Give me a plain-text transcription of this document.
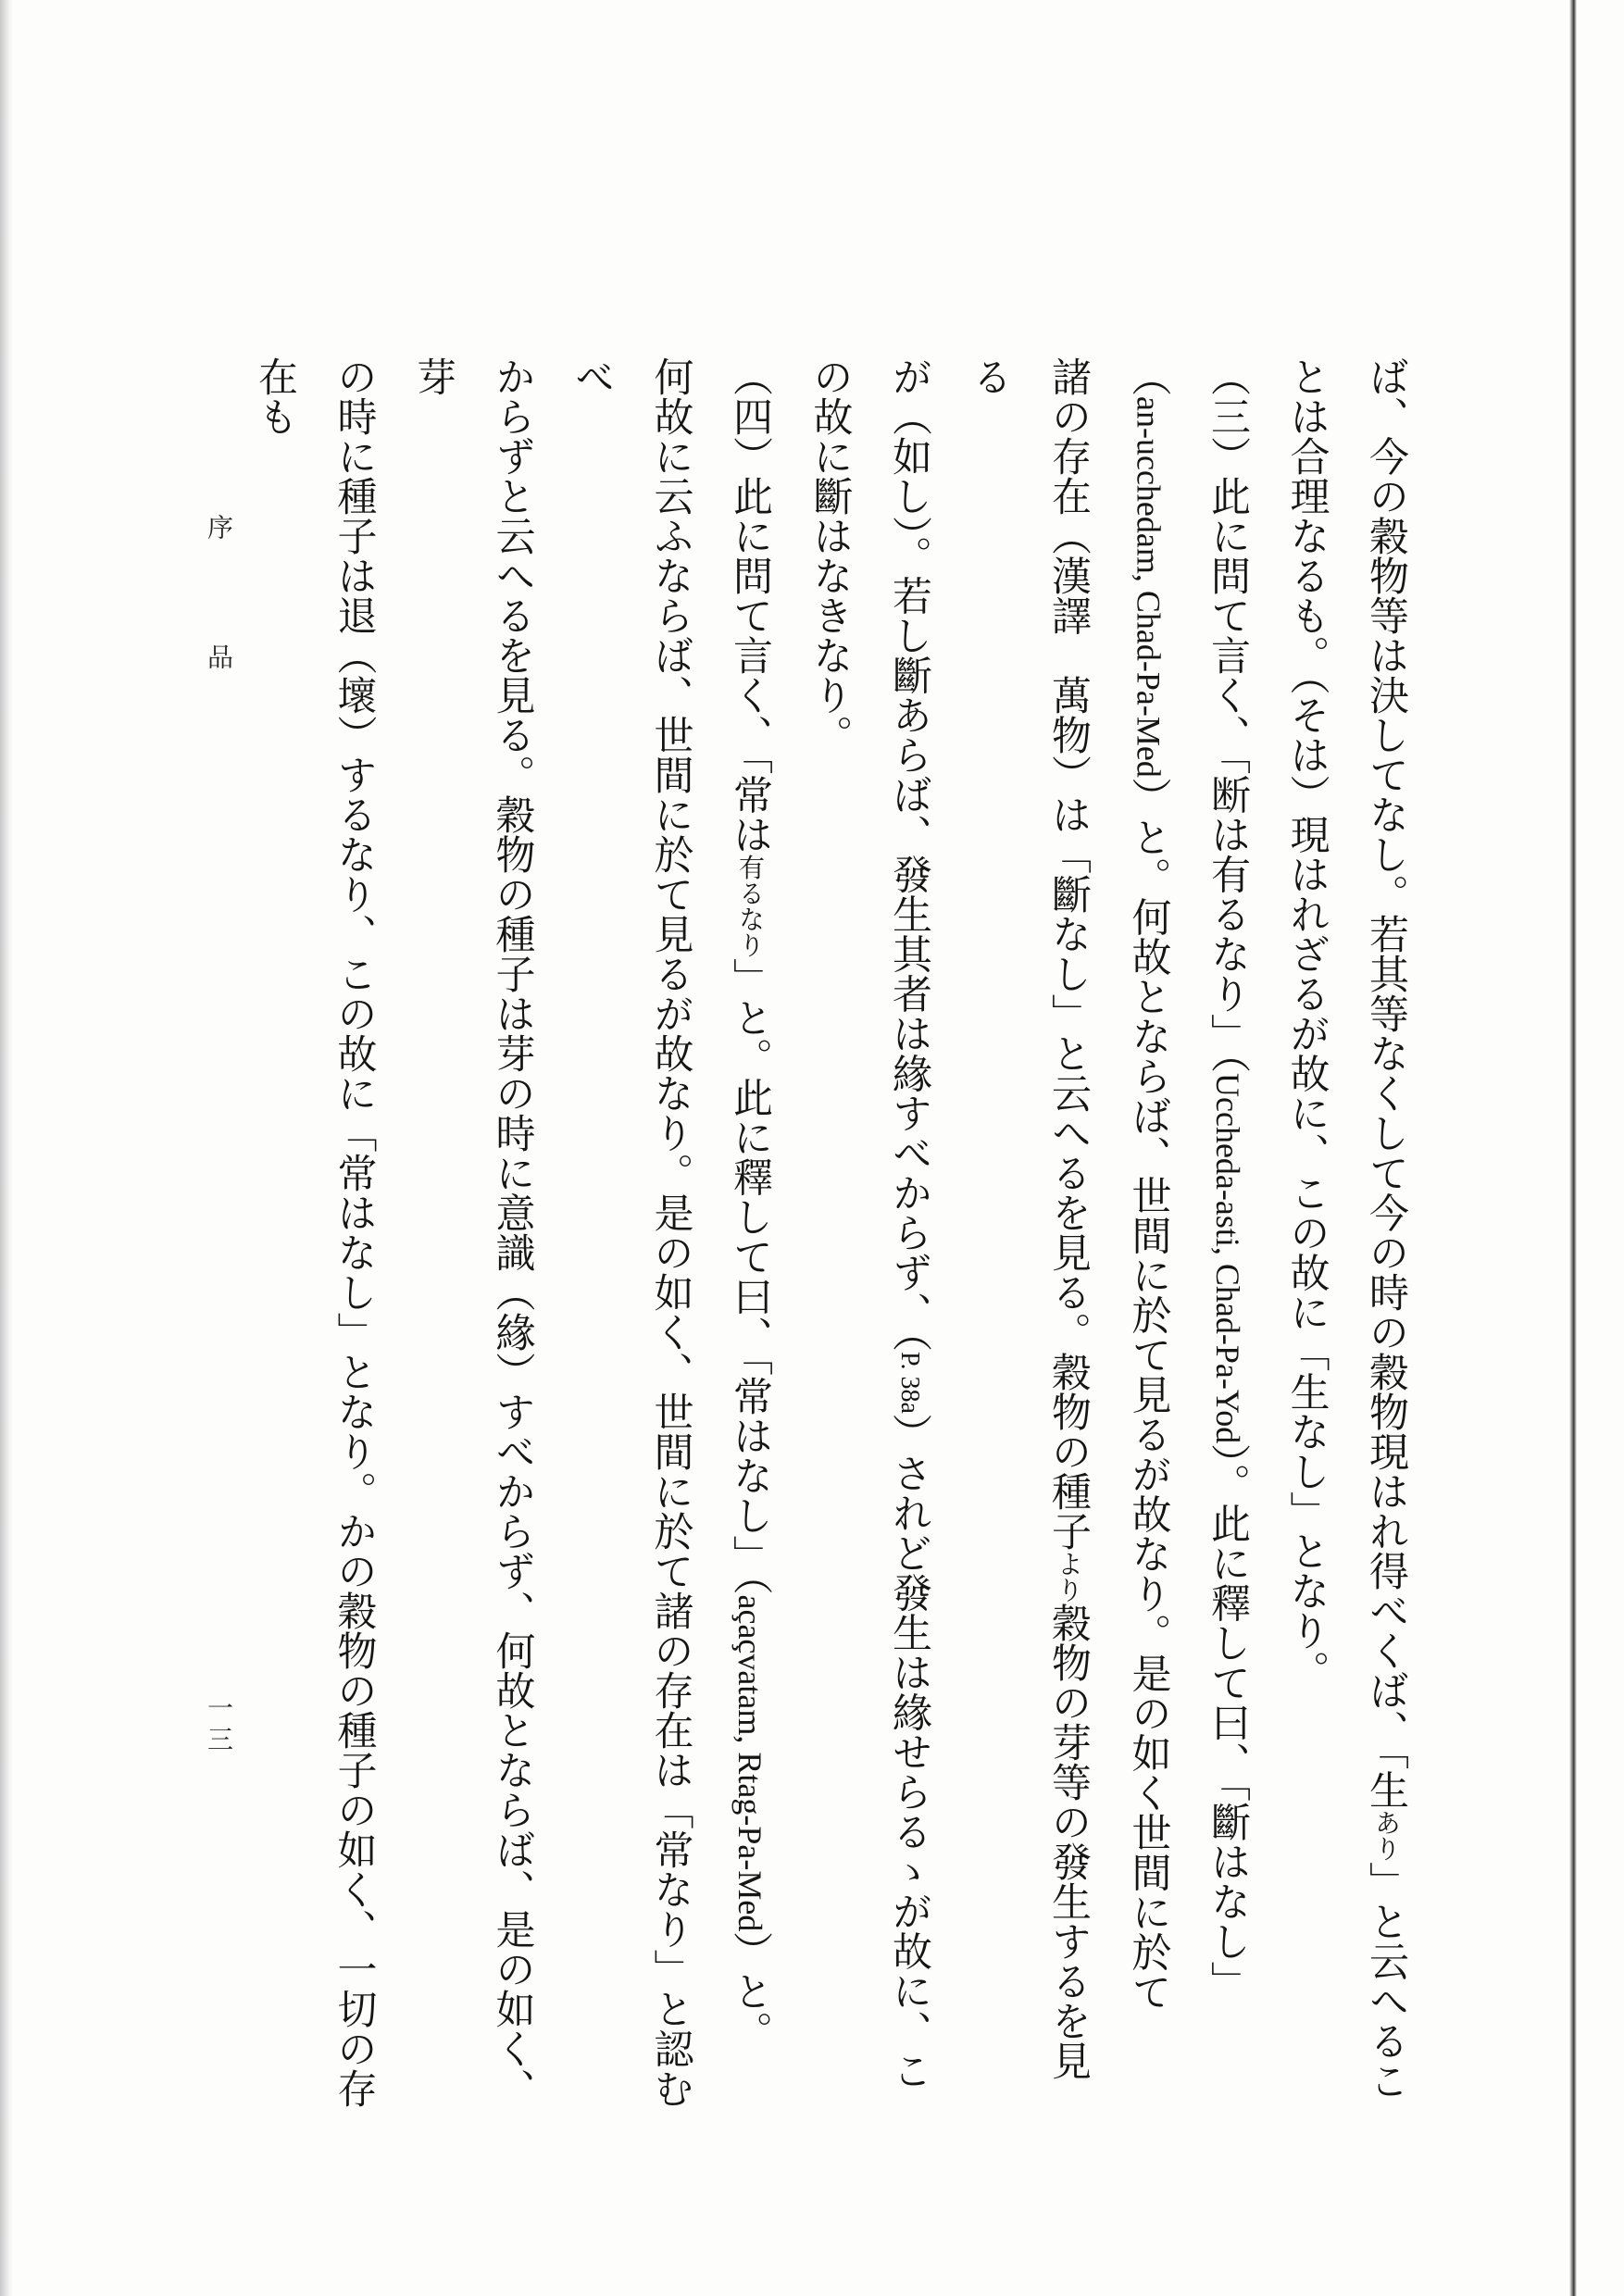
ば、今の穀物等は決してなし。若其等なくして今の時の穀物現はれ得べくば、「生あり」と云へるこ

とは合理なるも。（そは）現はれざるが故に、この故に「生なし」となり。

（三）此に問て言く、「断は有るなり」（Uccheda-asti, Chad-Pa-Yod）。此に釋して曰、「斷はなし」

（an-ucchedam, Chad-Pa-Med）と。何故とならば、世間に於て見るが故なり。是の如く世間に於て

諸の存在（漢譯　萬物）は「斷なし」と云へるを見る。穀物の種子より穀物の芽等の發生するを見る

が（如し）。若し斷あらば、發生其者は緣すべからず、（P. 38a）されど發生は緣せらるゝが故に、こ

の故に斷はなきなり。

（四）此に問て言く、「常は有るなり」と。此に釋して曰、「常はなし」（açaçvatam, Rtag-Pa-Med）と。

何故に云ふならば、世間に於て見るが故なり。是の如く、世間に於て諸の存在は「常なり」と認むべ

からずと云へるを見る。穀物の種子は芽の時に意識（緣）すべからず、何故とならば、是の如く、芽

の時に種子は退（壞）するなり、この故に「常はなし」となり。かの穀物の種子の如く、一切の存在も

序品
一三
